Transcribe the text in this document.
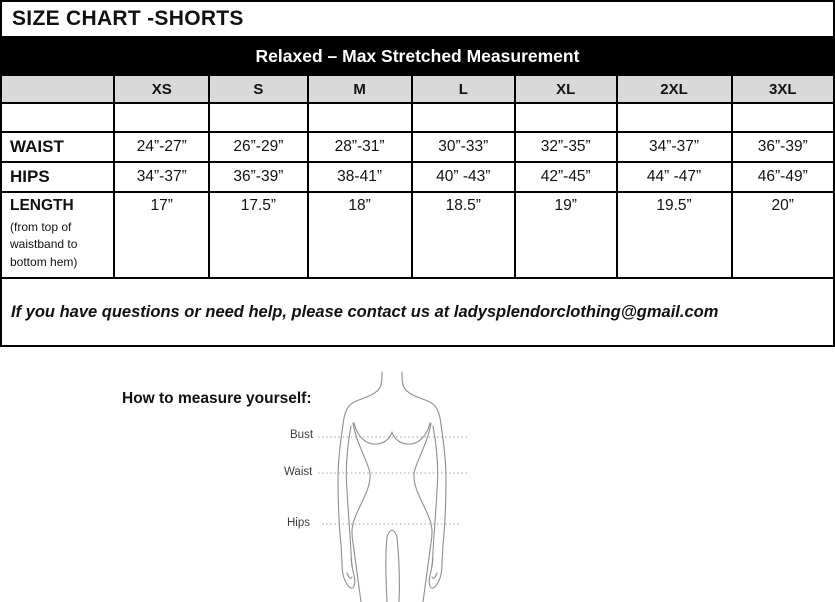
SIZE CHART -SHORTS							
Relaxed – Max Stretched Measurement							
	XS	S	M	L	XL	2XL	3XL

WAIST	24”-27”	26”-29”	28”-31”	30”-33”	32”-35”	34”-37”	36”-39”
HIPS	34”-37”	36”-39”	38-41”	40” -43”	42”-45”	44” -47”	46”-49”
LENGTH
(from top of waistband to bottom hem)	17”	17.5”	18”	18.5”	19”	19.5”	20”
If you have questions or need help, please contact us at ladysplendorclothing@gmail.com							
How to measure yourself:
Bust
Waist
Hips
